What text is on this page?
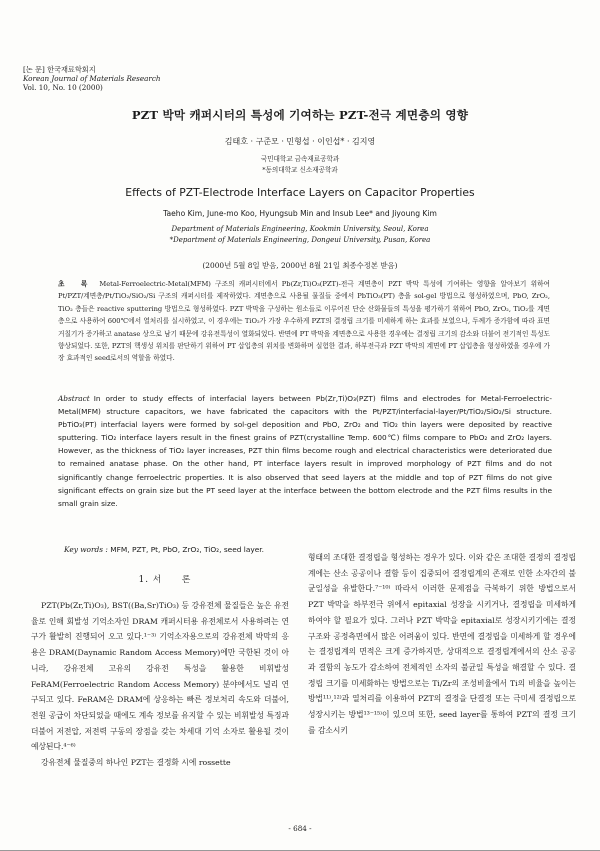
[논 문] 한국재료학회지
Korean Journal of Materials Research
Vol. 10, No. 10 (2000)
PZT 박막 캐퍼시터의 특성에 기여하는 PZT-전극 계면층의 영향
김태호 · 구준모 · 민형섭 · 이인섭* · 김지영
국민대학교 금속재료공학과
*동의대학교 신소재공학과
Effects of PZT-Electrode Interface Layers on Capacitor Properties
Taeho Kim, June-mo Koo, Hyungsub Min and Insub Lee* and Jiyoung Kim
Department of Materials Engineering, Kookmin University, Seoul, Korea
*Department of Materials Engineering, Dongeui University, Pusan, Korea
(2000년 5월 8일 받음, 2000년 8월 21일 최종수정본 받음)
초 록 Metal-Ferroelectric-Metal(MFM) 구조의 캐퍼시터에서 Pb(Zr,Ti)O₃(PZT)-전극 계면층이 PZT 박막 특성에 기여하는 영향을 알아보기 위하여 Pt/PZT/계면층/Pt/TiO₂/SiO₂/Si 구조의 캐퍼시터를 제작하였다. 계면층으로 사용될 물질들 중에서 PbTiO₃(PT) 층을 sol-gel 방법으로 형성하였으며, PbO, ZrO₂, TiO₂ 층들은 reactive sputtering 방법으로 형성하였다. PZT 박막을 구성하는 원소들로 이루어진 단순 산화물들의 특성을 평가하기 위하여 PbO, ZrO₂, TiO₂를 계면층으로 사용하여 600℃에서 열처리를 실시하였고, 이 경우에는 TiO₂가 가장 우수하게 PZT의 결정립 크기를 미세하게 하는 효과를 보였으나, 두께가 증가함에 따라 표면 거칠기가 증가하고 anatase 상으로 남기 때문에 강유전특성이 열화되었다. 반면에 PT 박막을 계면층으로 사용한 경우에는 결정립 크기의 감소와 더불어 전기적인 특성도 향상되었다. 또한, PZT의 핵생성 위치를 판단하기 위하여 PT 삽입층의 위치를 변화하며 실험한 결과, 하부전극과 PZT 박막의 계면에 PT 삽입층을 형성하였을 경우에 가장 효과적인 seed로서의 역할을 하였다.
Abstract In order to study effects of interfacial layers between Pb(Zr,Ti)O₃(PZT) films and electrodes for Metal-Ferroelectric-Metal(MFM) structure capacitors, we have fabricated the capacitors with the Pt/PZT/interfacial-layer/Pt/TiO₂/SiO₂/Si structure. PbTiO₃(PT) interfacial layers were formed by sol-gel deposition and PbO, ZrO₂ and TiO₂ thin layers were deposited by reactive sputtering. TiO₂ interface layers result in the finest grains of PZT(crystalline Temp. 600℃) films compare to PbO₂ and ZrO₂ layers. However, as the thickness of TiO₂ layer increases, PZT thin films become rough and electrical characteristics were deteriorated due to remained anatase phase. On the other hand, PT interface layers result in improved morphology of PZT films and do not significantly change ferroelectric properties. It is also observed that seed layers at the middle and top of PZT films do not give significant effects on grain size but the PT seed layer at the interface between the bottom electrode and the PZT films results in the small grain size.
Key words : MFM, PZT, Pt, PbO, ZrO₂, TiO₂, seed layer.
1. 서　　론

PZT(Pb(Zr,Ti)O₃), BST((Ba,Sr)TiO₃) 등 강유전체 물질들은 높은 유전율로 인해 회발성 기억소자인 DRAM 캐퍼시터용 유전체로서 사용하려는 연구가 활발히 진행되어 오고 있다.¹⁻³⁾ 기억소자용으로의 강유전체 박막의 응용은 DRAM(Daynamic Random Access Memory)에만 국한된 것이 아니라, 강유전체 고유의 강유전 특성을 활용한 비휘발성 FeRAM(Ferroelectric Random Access Memory) 분야에서도 널리 연구되고 있다. FeRAM은 DRAM에 상응하는 빠른 정보처리 속도와 더불어, 전원 공급이 차단되었을 때에도 계속 정보를 유지할 수 있는 비휘발성 특징과 더불어 저전압, 저전력 구동의 장점을 갖는 차세대 기억 소자로 활용될 것이 예상된다.⁴⁻⁶⁾

강유전체 물질중의 하나인 PZT는 결정화 시에 rossette

형태의 조대한 결정립을 형성하는 경우가 있다. 이와 같은 조대한 결정의 결정립계에는 산소 공공이나 결함 등이 집중되어 결정립계의 존재로 인한 소자간의 불균일성을 유발한다.⁷⁻¹⁰⁾ 따라서 이러한 문제점을 극복하기 위한 방법으로서 PZT 박막을 하부전극 위에서 epitaxial 성장을 시키거나, 결정립을 미세하게 하여야 할 필요가 있다. 그러나 PZT 박막을 epitaxial로 성장시키기에는 결정구조와 공정측면에서 많은 어려움이 있다. 반면에 결정립을 미세하게 할 경우에는 결정립계의 면적은 크게 증가하지만, 상대적으로 결정립계에서의 산소 공공과 결함의 농도가 감소하여 전체적인 소자의 불균일 특성을 해결할 수 있다. 결정립 크기를 미세화하는 방법으로는 Ti/Zr의 조성비율에서 Ti의 비율을 높이는 방법¹¹⁾,¹²⁾과 열처리를 이용하여 PZT의 결정을 단결정 또는 극미세 결정립으로 성장시키는 방법¹³⁻¹⁵⁾이 있으며 또한, seed layer를 통하여 PZT의 결정 크기를 감소시키

- 684 -
